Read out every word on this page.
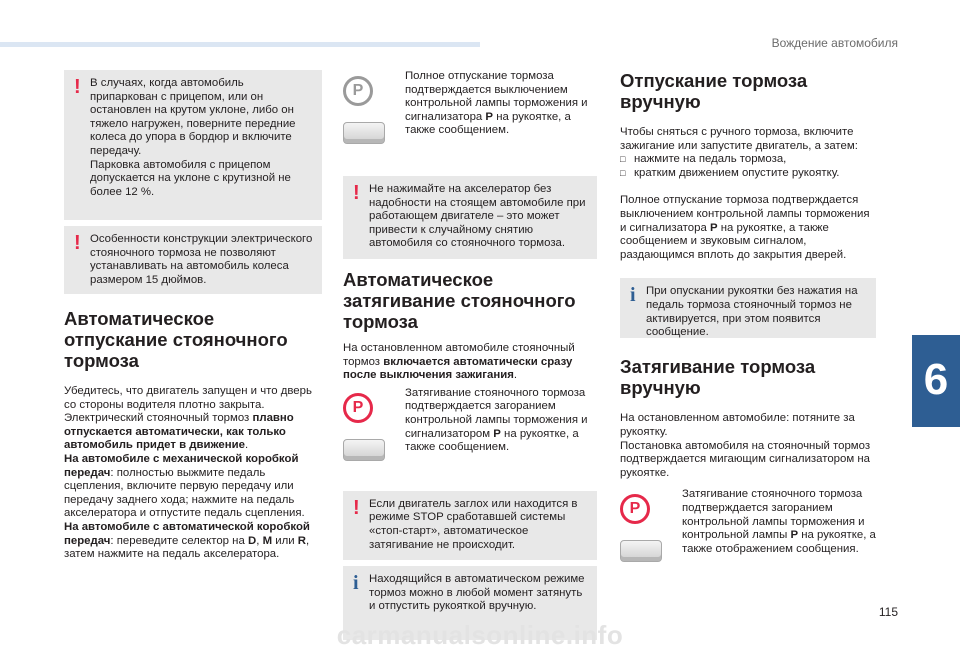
Вождение автомобиля
6
! В случаях, когда автомобиль припаркован с прицепом, или он остановлен на крутом уклоне, либо он тяжело нагружен, поверните передние колеса до упора в бордюр и включите передачу.

Парковка автомобиля с прицепом допускается на уклоне с крутизной не более 12 %.

! Особенности конструкции электрического стояночного тормоза не позволяют устанавливать на автомобиль колеса размером 15 дюймов.

Автоматическое отпускание стояночного тормоза

Убедитесь, что двигатель запущен и что дверь со стороны водителя плотно закрыта.
Электрический стояночный тормоз плавно отпускается автоматически, как только автомобиль придет в движение.
На автомобиле с механической коробкой передач: полностью выжмите педаль сцепления, включите первую передачу или передачу заднего хода; нажмите на педаль акселератора и отпустите педаль сцепления.
На автомобиле с автоматической коробкой передач: переведите селектор на D, M или R, затем нажмите на педаль акселератора.

P

Полное отпускание тормоза подтверждается выключением контрольной лампы торможения и сигнализатора P на рукоятке, а также сообщением.

! Не нажимайте на акселератор без надобности на стоящем автомобиле при работающем двигателе – это может привести к случайному снятию автомобиля со стояночного тормоза.

Автоматическое затягивание стояночного тормоза

На остановленном автомобиле стояночный тормоз включается автоматически сразу после выключения зажигания.

P

Затягивание стояночного тормоза подтверждается загоранием контрольной лампы торможения и сигнализатором P на рукоятке, а также сообщением.

! Если двигатель заглох или находится в режиме STOP сработавшей системы «стоп-старт», автоматическое затягивание не происходит.

i Находящийся в автоматическом режиме тормоз можно в любой момент затянуть и отпустить рукояткой вручную.

Отпускание тормоза вручную

Чтобы сняться с ручного тормоза, включите зажигание или запустите двигатель, а затем:

□ нажмите на педаль тормоза,
□ кратким движением опустите рукоятку.

Полное отпускание тормоза подтверждается выключением контрольной лампы торможения и сигнализатора P на рукоятке, а также сообщением и звуковым сигналом, раздающимся вплоть до закрытия дверей.

i При опускании рукоятки без нажатия на педаль тормоза стояночный тормоз не активируется, при этом появится сообщение.

Затягивание тормоза вручную

На остановленном автомобиле: потяните за рукоятку.

Постановка автомобиля на стояночный тормоз подтверждается мигающим сигнализатором на рукоятке.

P

Затягивание стояночного тормоза подтверждается загоранием контрольной лампы торможения и контрольной лампы P на рукоятке, а также отображением сообщения.

115
carmanualsonline.info
